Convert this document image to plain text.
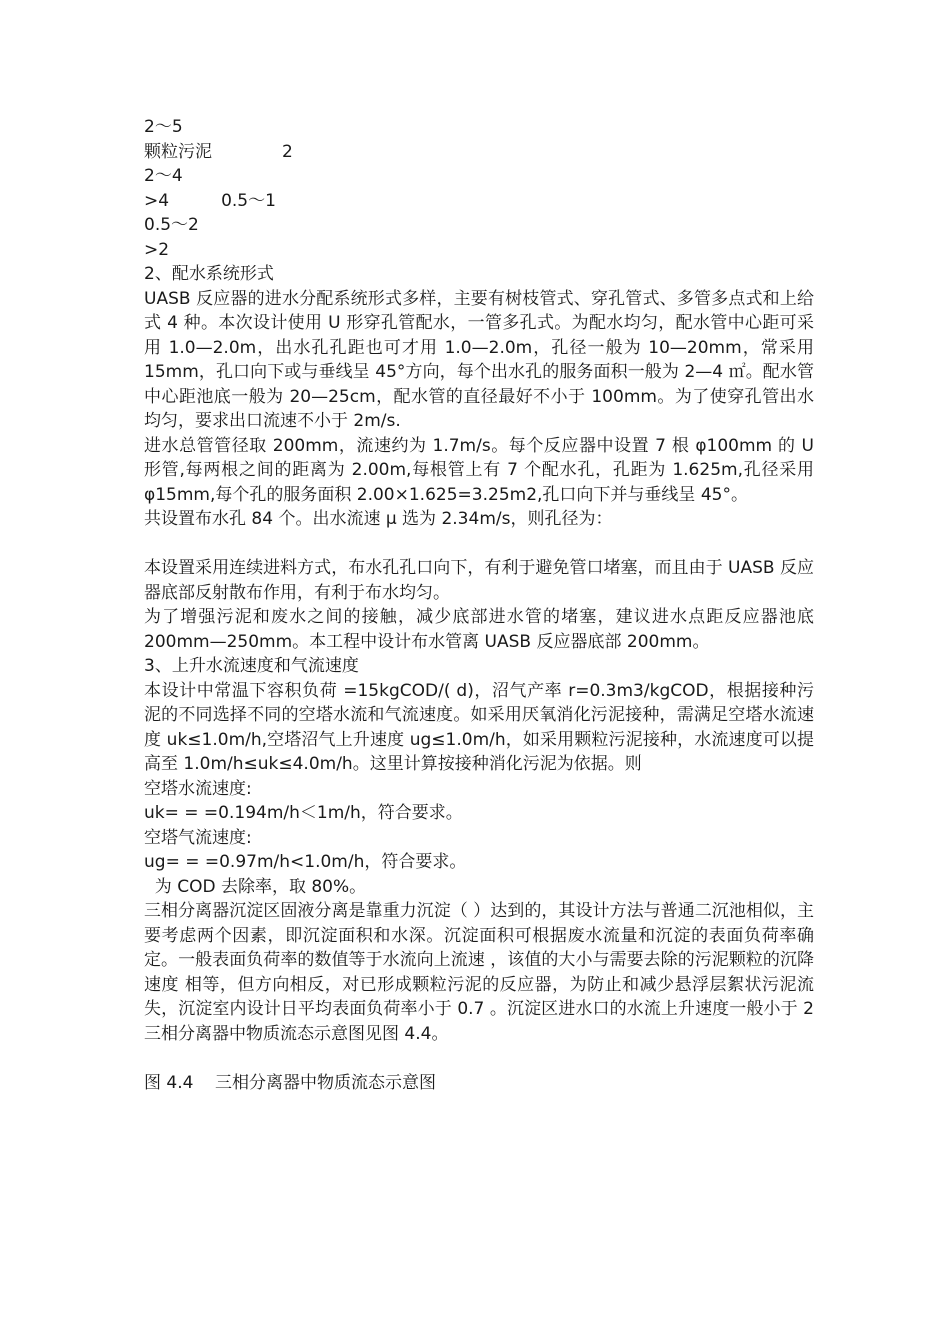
2～5
颗粒污泥	2
2～4
>4	0.5～1
0.5～2
>2
2、配水系统形式

UASB 反应器的进水分配系统形式多样，主要有树枝管式、穿孔管式、多管多点式和上给式 4 种。本次设计使用 U 形穿孔管配水，一管多孔式。为配水均匀，配水管中心距可采用 1.0—2.0m，出水孔孔距也可才用 1.0—2.0m，孔径一般为 10—20mm，常采用 15mm，孔口向下或与垂线呈 45°方向，每个出水孔的服务面积一般为 2—4 ㎡。配水管中心距池底一般为 20—25cm，配水管的直径最好不小于 100mm。为了使穿孔管出水均匀，要求出口流速不小于 2m/s.

进水总管管径取 200mm，流速约为 1.7m/s。每个反应器中设置 7 根 φ100mm 的 U 形管,每两根之间的距离为 2.00m,每根管上有 7 个配水孔，孔距为 1.625m,孔径采用 φ15mm,每个孔的服务面积 2.00×1.625=3.25m2,孔口向下并与垂线呈 45°。

共设置布水孔 84 个。出水流速 μ 选为 2.34m/s，则孔径为：

本设置采用连续进料方式，布水孔孔口向下，有利于避免管口堵塞，而且由于 UASB 反应器底部反射散布作用，有利于布水均匀。

为了增强污泥和废水之间的接触，减少底部进水管的堵塞，建议进水点距反应器池底 200mm—250mm。本工程中设计布水管离 UASB 反应器底部 200mm。

3、上升水流速度和气流速度

本设计中常温下容积负荷 =15kgCOD/( d)，沼气产率 r=0.3m3/kgCOD，根据接种污泥的不同选择不同的空塔水流和气流速度。如采用厌氧消化污泥接种，需满足空塔水流速度 uk≤1.0m/h,空塔沼气上升速度 ug≤1.0m/h，如采用颗粒污泥接种，水流速度可以提高至 1.0m/h≤uk≤4.0m/h。这里计算按接种消化污泥为依据。则

空塔水流速度:
uk= = =0.194m/h＜1m/h，符合要求。
空塔气流速度:
ug= = =0.97m/h<1.0m/h，符合要求。
为 COD 去除率，取 80%。

三相分离器沉淀区固液分离是靠重力沉淀（ ）达到的，其设计方法与普通二沉池相似，主要考虑两个因素，即沉淀面积和水深。沉淀面积可根据废水流量和沉淀的表面负荷率确定。一般表面负荷率的数值等于水流向上流速 ，该值的大小与需要去除的污泥颗粒的沉降速度 相等，但方向相反，对已形成颗粒污泥的反应器，为防止和减少悬浮层絮状污泥流失，沉淀室内设计日平均表面负荷率小于 0.7 。沉淀区进水口的水流上升速度一般小于 2 三相分离器中物质流态示意图见图 4.4。

图 4.4    三相分离器中物质流态示意图
